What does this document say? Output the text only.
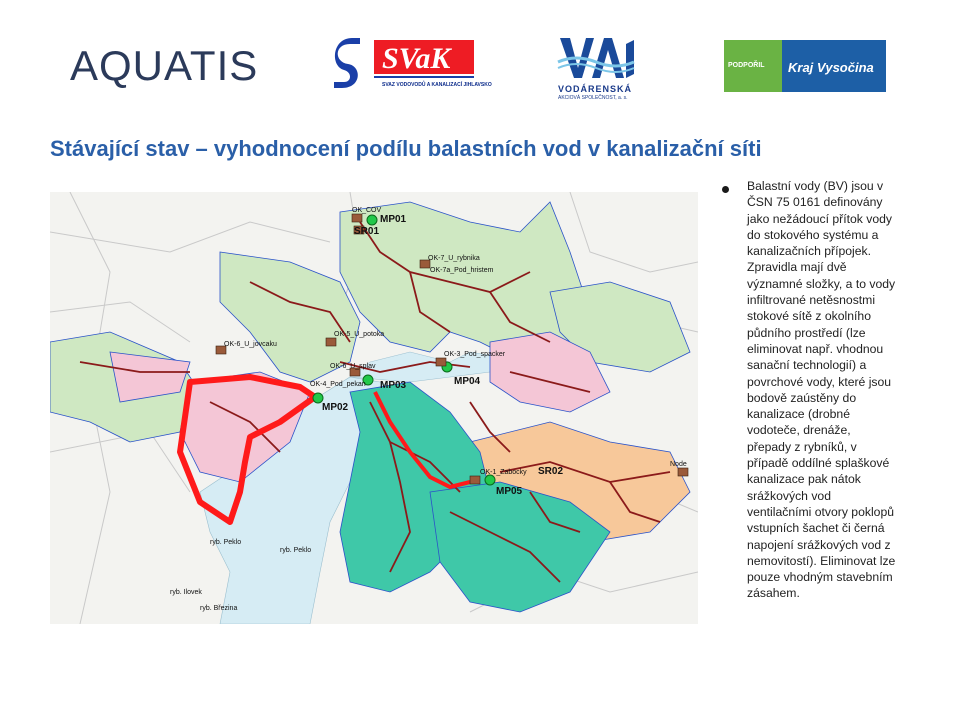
AQUATIS	SVaK
SVAZ VODOVODŮ A KANALIZACÍ JIHLAVSKO	VODÁRENSKÁ
AKCIOVÁ SPOLEČNOST, a. s.
PODPOŘIL Kraj Vysočina
Stávající stav – vyhodnocení podílu balastních vod v kanalizační síti
OK_COV
MP01
SR01
OK-7_U_rybnika
OK-7a_Pod_hristem
OK-5_U_potoka
OK-6_U_jovcaku
OK-6_U_splav
OK-4_Pod_pekan
OK-3_Pod_spacker
MP02
MP03	MP04
OK-1_Zabocky SR02
MP05
Node
ryb. Peklo
ryb. Peklo
ryb. Ilovek
ryb. Březina
Balastní vody (BV) jsou v ČSN 75 0161 definovány jako nežádoucí přítok vody do stokového systému a kanalizačních přípojek. Zpravidla mají dvě významné složky, a to vody infiltrované netěsnostmi stokové sítě z okolního půdního prostředí (lze eliminovat např. vhodnou sanační technologií) a povrchové vody, které jsou bodově zaústěny do kanalizace (drobné vodoteče, drenáže, přepady z rybníků, v případě oddílné splaškové kanalizace pak nátok srážkových vod ventilačními otvory poklopů vstupních šachet či černá napojení srážkových vod z nemovitostí). Eliminovat lze pouze vhodným stavebním zásahem.
